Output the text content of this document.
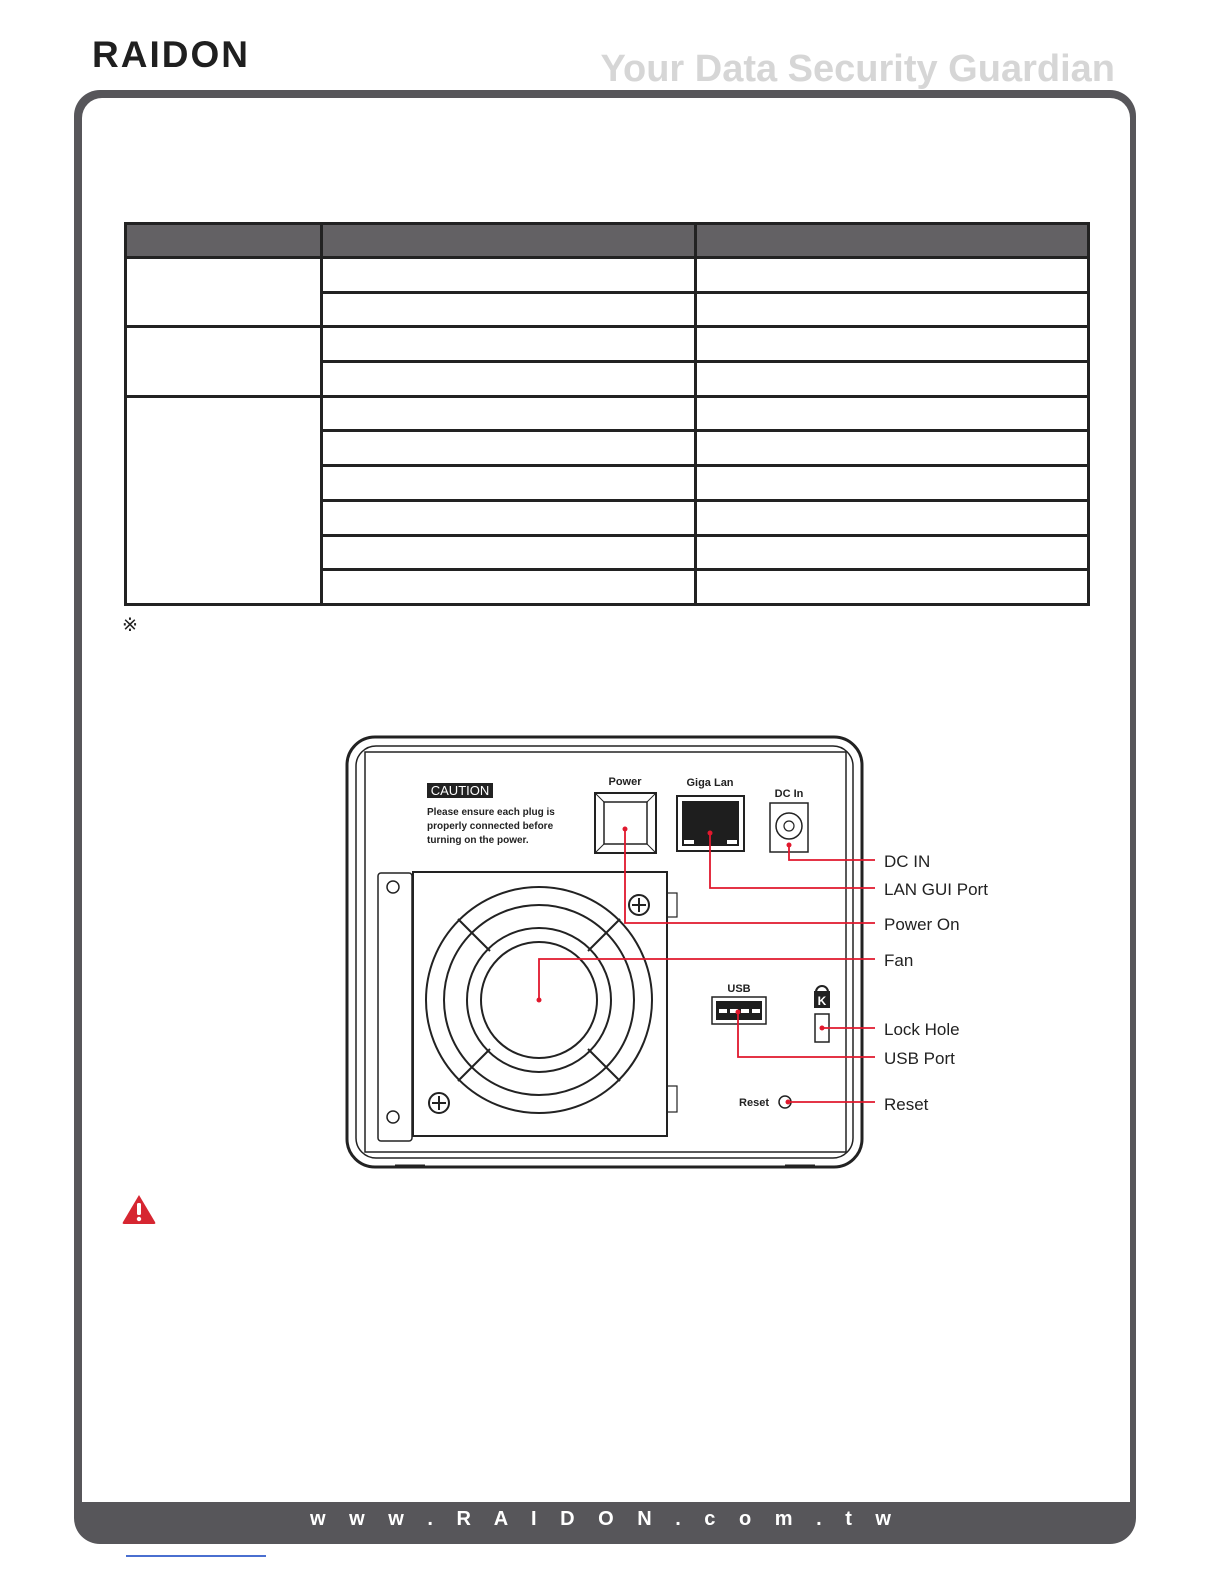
RAIDON	Your Data Security Guardian
w w w . R A I D O N . c o m . t w

※
CAUTION
Please ensure each plug is
properly connected before
turning on the power.
Power	Giga Lan
DC In
USB
K
Reset
DC IN
LAN GUI Port
Power On
Fan
Lock Hole
USB Port
Reset
